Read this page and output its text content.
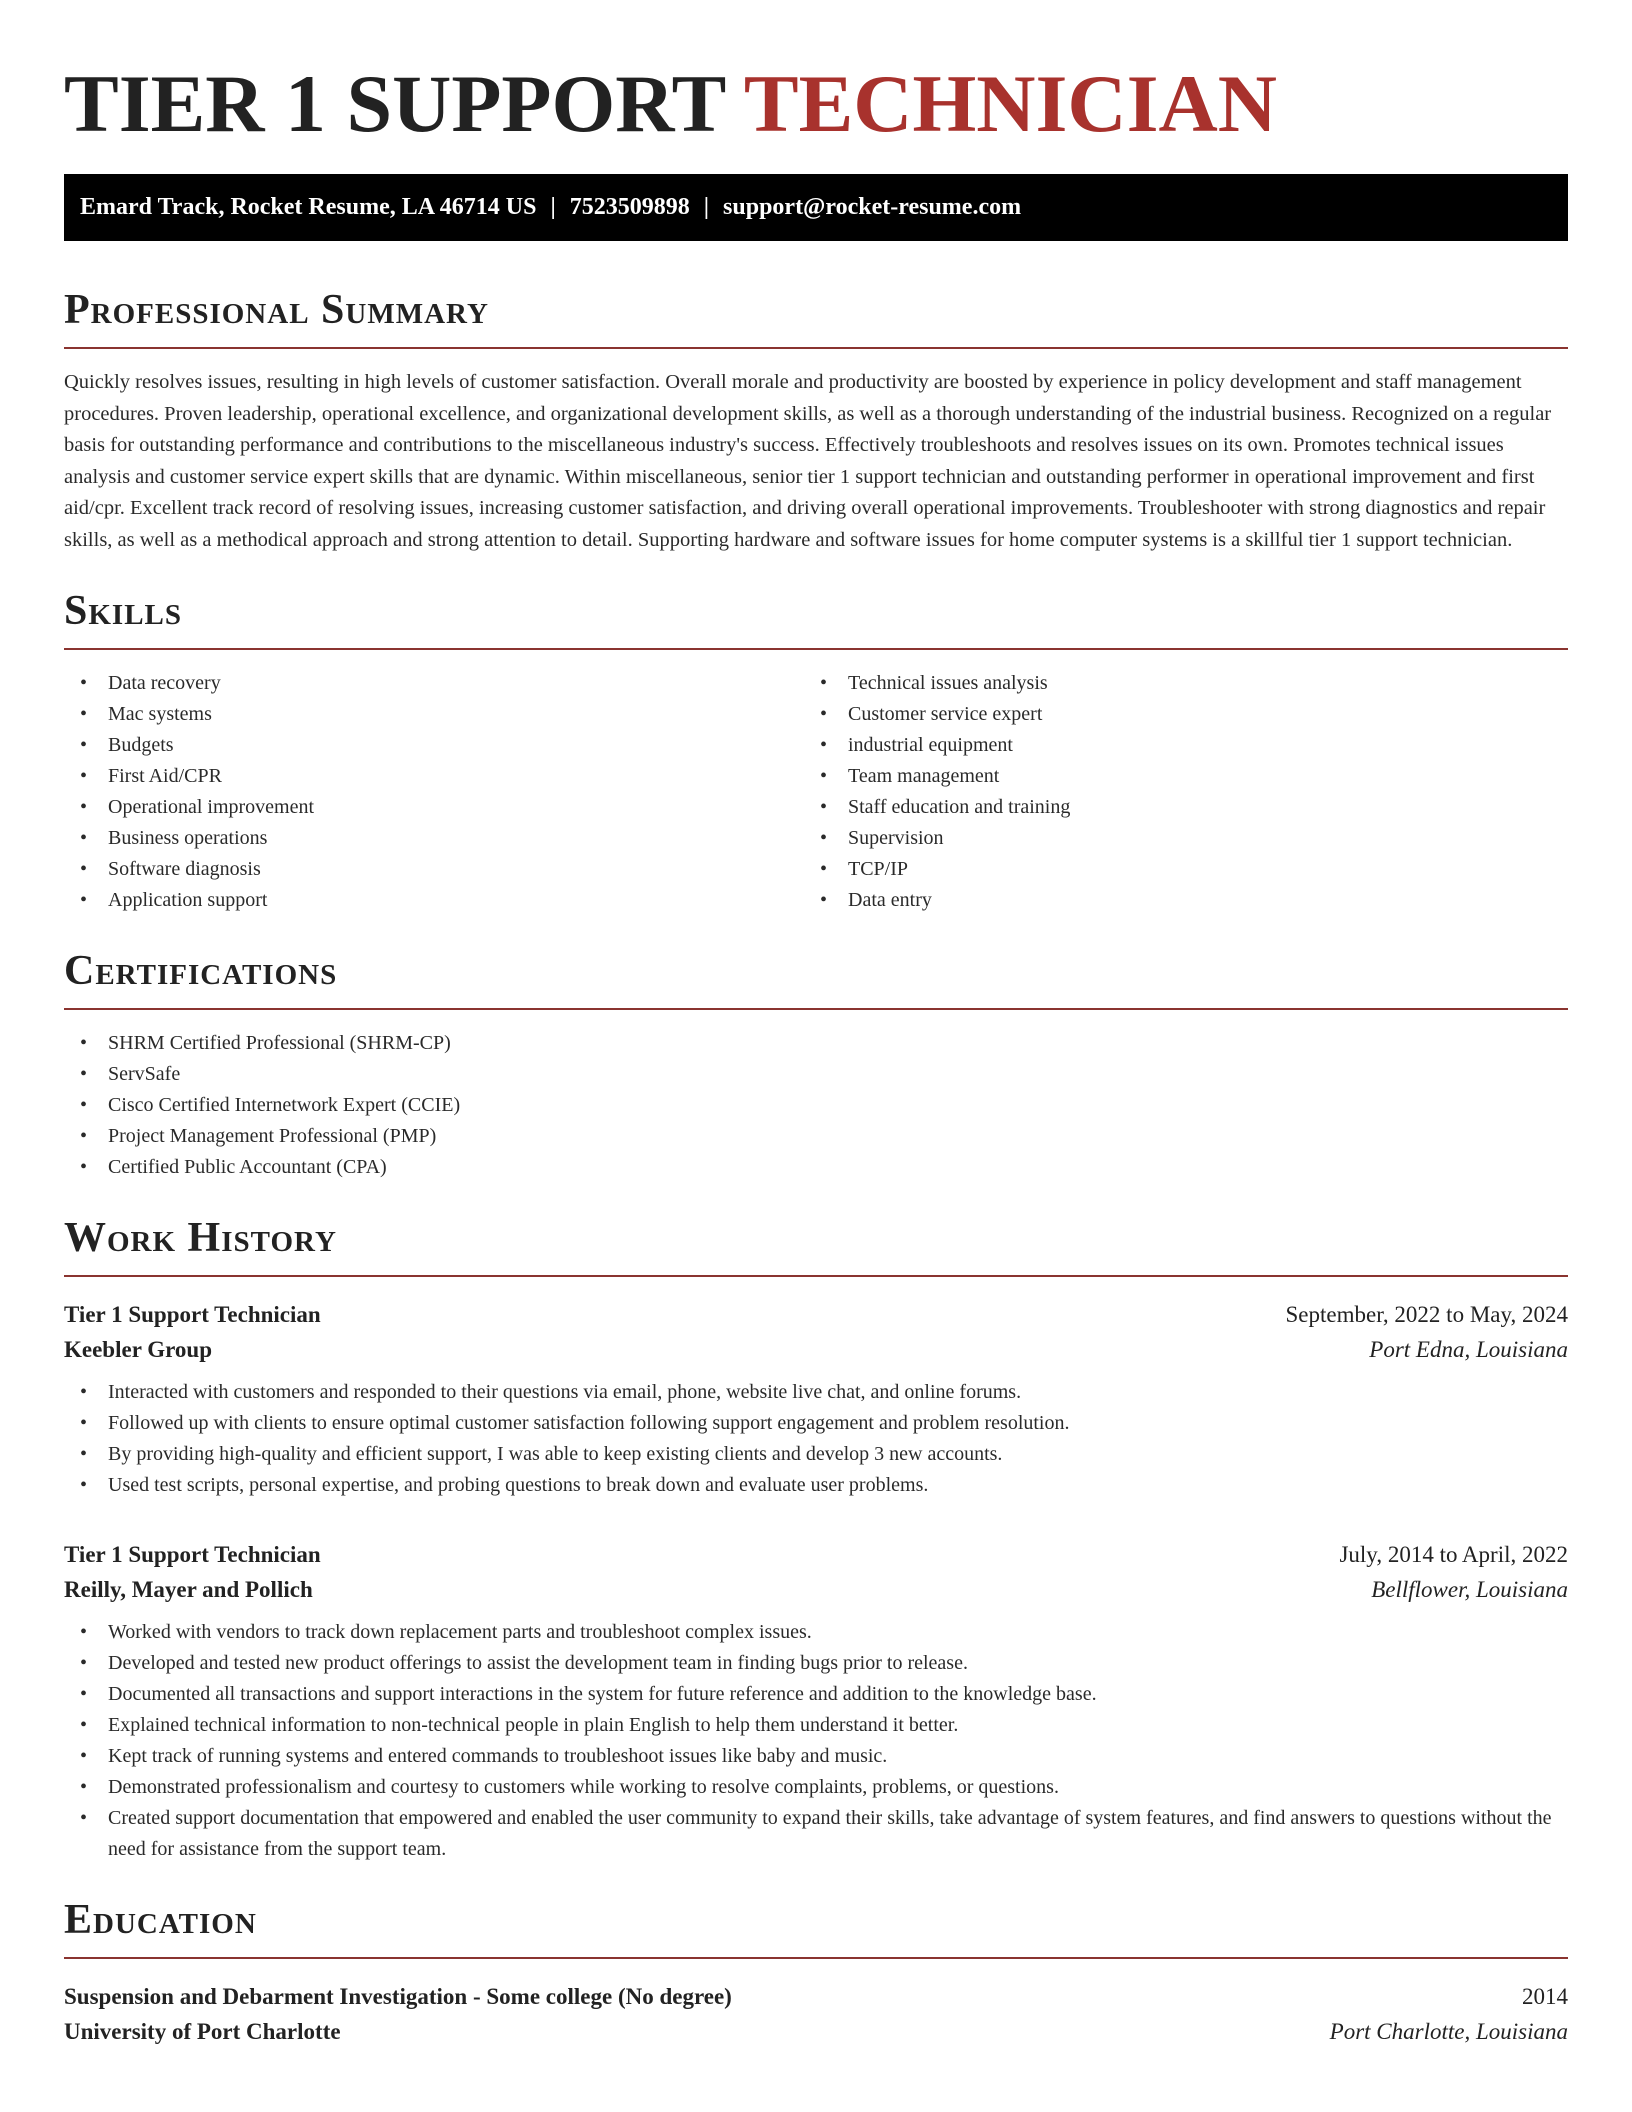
TIER 1 SUPPORT TECHNICIAN
Emard Track, Rocket Resume, LA 46714 US | 7523509898 | support@rocket-resume.com
Professional Summary

Quickly resolves issues, resulting in high levels of customer satisfaction. Overall morale and productivity are boosted by experience in policy development and staff management procedures. Proven leadership, operational excellence, and organizational development skills, as well as a thorough understanding of the industrial business. Recognized on a regular basis for outstanding performance and contributions to the miscellaneous industry's success. Effectively troubleshoots and resolves issues on its own. Promotes technical issues analysis and customer service expert skills that are dynamic. Within miscellaneous, senior tier 1 support technician and outstanding performer in operational improvement and first aid/cpr. Excellent track record of resolving issues, increasing customer satisfaction, and driving overall operational improvements. Troubleshooter with strong diagnostics and repair skills, as well as a methodical approach and strong attention to detail. Supporting hardware and software issues for home computer systems is a skillful tier 1 support technician.

Skills
• Data recovery
• Mac systems
• Budgets
• First Aid/CPR
• Operational improvement
• Business operations
• Software diagnosis
• Application support
• Technical issues analysis
• Customer service expert
• industrial equipment
• Team management
• Staff education and training
• Supervision
• TCP/IP
• Data entry
Certifications
• SHRM Certified Professional (SHRM-CP)
• ServSafe
• Cisco Certified Internetwork Expert (CCIE)
• Project Management Professional (PMP)
• Certified Public Accountant (CPA)
Work History
Tier 1 Support Technician	September, 2022 to May, 2024
Keebler Group	Port Edna, Louisiana
• Interacted with customers and responded to their questions via email, phone, website live chat, and online forums.
• Followed up with clients to ensure optimal customer satisfaction following support engagement and problem resolution.
• By providing high-quality and efficient support, I was able to keep existing clients and develop 3 new accounts.
• Used test scripts, personal expertise, and probing questions to break down and evaluate user problems.
Tier 1 Support Technician	July, 2014 to April, 2022
Reilly, Mayer and Pollich	Bellflower, Louisiana
• Worked with vendors to track down replacement parts and troubleshoot complex issues.
• Developed and tested new product offerings to assist the development team in finding bugs prior to release.
• Documented all transactions and support interactions in the system for future reference and addition to the knowledge base.
• Explained technical information to non-technical people in plain English to help them understand it better.
• Kept track of running systems and entered commands to troubleshoot issues like baby and music.
• Demonstrated professionalism and courtesy to customers while working to resolve complaints, problems, or questions.
• Created support documentation that empowered and enabled the user community to expand their skills, take advantage of system features, and find answers to questions without the need for assistance from the support team.
Education
Suspension and Debarment Investigation - Some college (No degree)	2014
University of Port Charlotte	Port Charlotte, Louisiana
